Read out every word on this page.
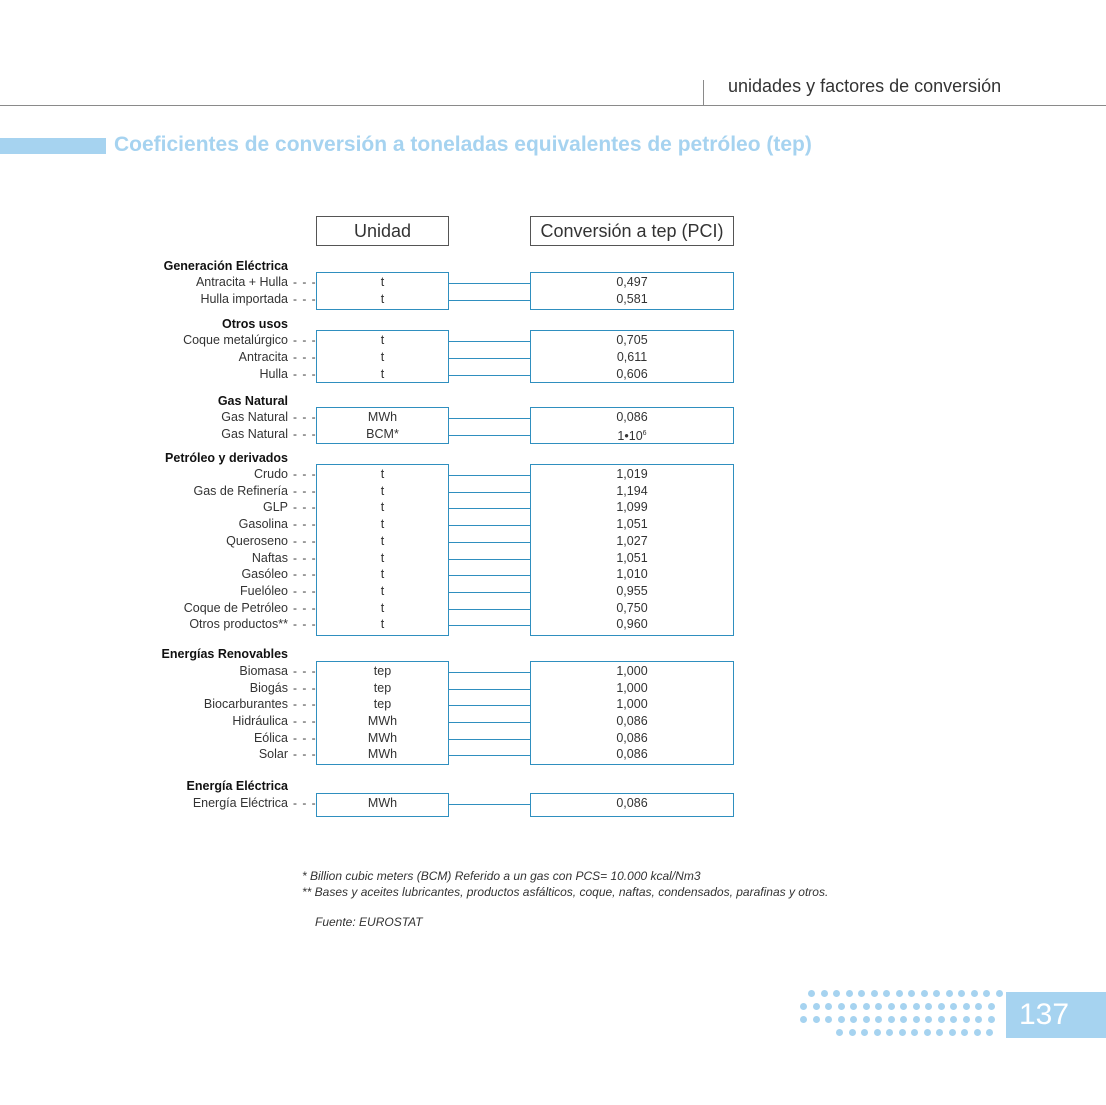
unidades y factores de conversión
Coeficientes de conversión a toneladas equivalentes de petróleo (tep)
Unidad	Conversión a tep (PCI)
Generación Eléctrica
Antracita + Hulla - - -	t	0,497
Hulla importada - - -	t	0,581
Otros usos
Coque metalúrgico - - -	t	0,705
Antracita - - -	t	0,611
Hulla - - -	t	0,606
Gas Natural
Gas Natural - - -	MWh	0,086
Gas Natural - - -	BCM*	$1•10^6$
Petróleo y derivados
Crudo - - -	t	1,019
Gas de Refinería - - -	t	1,194
GLP - - -	t	1,099
Gasolina - - -	t	1,051
Queroseno - - -	t	1,027
Naftas - - -	t	1,051
Gasóleo - - -	t	1,010
Fuelóleo - - -	t	0,955
Coque de Petróleo - - -	t	0,750
Otros productos** - - -	t	0,960
Energías Renovables
Biomasa - - -	tep	1,000
Biogás - - -	tep	1,000
Biocarburantes - - -	tep	1,000
Hidráulica - - -	MWh	0,086
Eólica - - -	MWh	0,086
Solar - - -	MWh	0,086
Energía Eléctrica
Energía Eléctrica - - -	MWh	0,086
* Billion cubic meters (BCM) Referido a un gas con PCS= 10.000 kcal/Nm3
** Bases y aceites lubricantes, productos asfálticos, coque, naftas, condensados, parafinas y otros.
Fuente: EUROSTAT
137
